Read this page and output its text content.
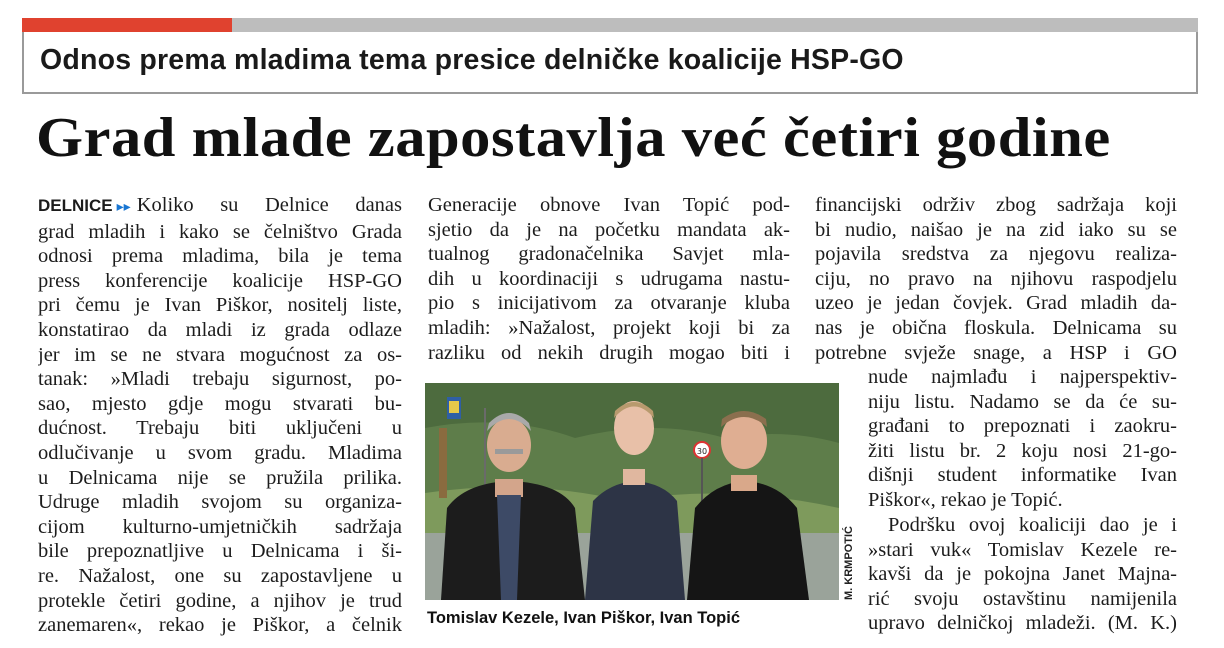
Odnos prema mladima tema presice delničke koalicije HSP-GO
Grad mlade zapostavlja već četiri godine
DELNICE ▸▸ Koliko su Delnice danas
grad mladih i kako se čelništvo Grada
odnosi prema mladima, bila je tema
press konferencije koalicije HSP-GO
pri čemu je Ivan Piškor, nositelj liste,
konstatirao da mladi iz grada odlaze
jer im se ne stvara mogućnost za os-
tanak: »Mladi trebaju sigurnost, po-
sao, mjesto gdje mogu stvarati bu-
dućnost. Trebaju biti uključeni u
odlučivanje u svom gradu. Mladima
u Delnicama nije se pružila prilika.
Udruge mladih svojom su organiza-
cijom kulturno-umjetničkih sadržaja
bile prepoznatljive u Delnicama i ši-
re. Nažalost, one su zapostavljene u
protekle četiri godine, a njihov je trud
zanemaren«, rekao je Piškor, a čelnik
Generacije obnove Ivan Topić pod-
sjetio da je na početku mandata ak-
tualnog gradonačelnika Savjet mla-
dih u koordinaciji s udrugama nastu-
pio s inicijativom za otvaranje kluba
mladih: »Nažalost, projekt koji bi za
razliku od nekih drugih mogao biti i
financijski održiv zbog sadržaja koji
bi nudio, naišao je na zid iako su se
pojavila sredstva za njegovu realiza-
ciju, no pravo na njihovu raspodjelu
uzeo je jedan čovjek. Grad mladih da-
nas je obična floskula. Delnicama su
potrebne svježe snage, a HSP i GO
nude najmlađu i najperspektiv-
niju listu. Nadamo se da će su-
građani to prepoznati i zaokru-
žiti listu br. 2 koju nosi 21-go-
dišnji student informatike Ivan
Piškor«, rekao je Topić.
Podršku ovoj koaliciji dao je i
»stari vuk« Tomislav Kezele re-
kavši da je pokojna Janet Majna-
rić svoju ostavštinu namijenila
upravo delničkoj mladeži. (M. K.)
30
Tomislav Kezele, Ivan Piškor, Ivan Topić
M. KRMPOTIĆ
